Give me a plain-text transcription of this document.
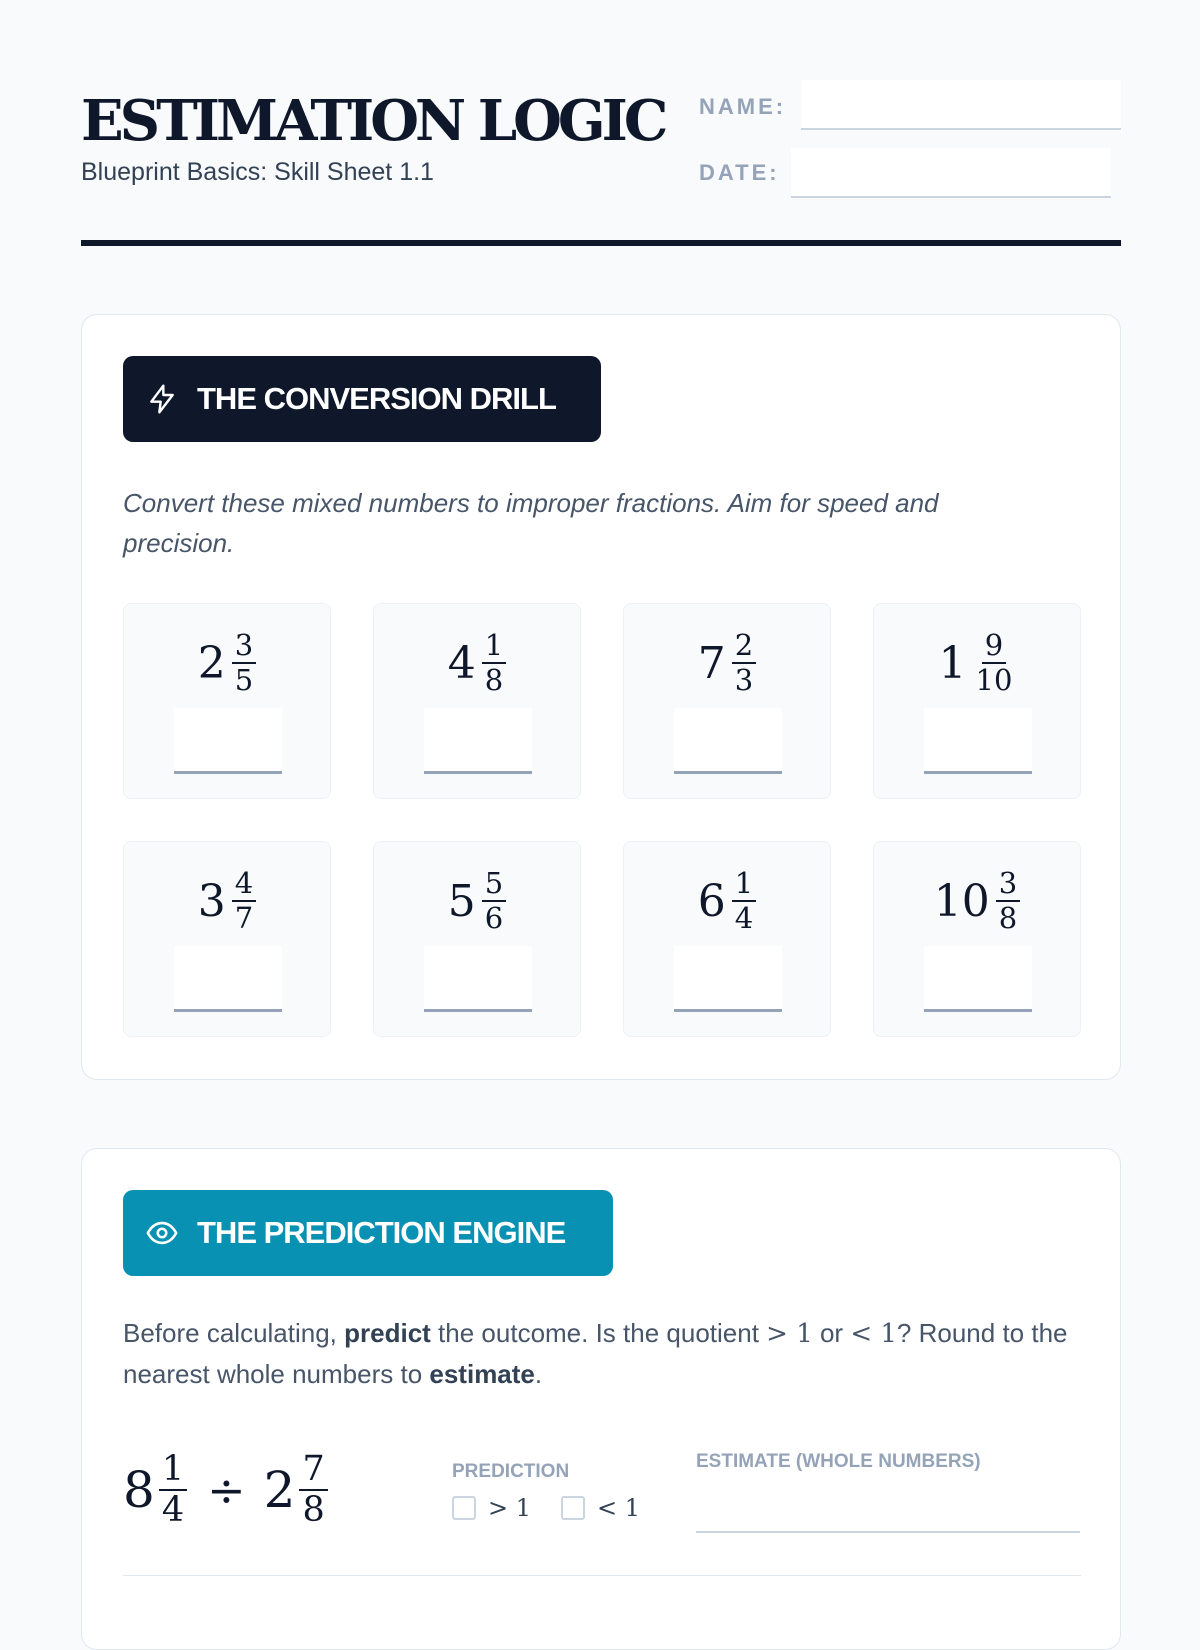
ESTIMATION LOGIC
Blueprint Basics: Skill Sheet 1.1
NAME:
DATE:
THE CONVERSION DRILL

Convert these mixed numbers to improper fractions. Aim for speed and precision.

$2 \frac{3}{5}$	$4 \frac{1}{8}$	$7 \frac{2}{3}$	$1 \frac{9}{10}$
$3 \frac{4}{7}$	$5 \frac{5}{6}$	$6 \frac{1}{4}$	$10 \frac{3}{8}$
THE PREDICTION ENGINE

Before calculating, predict the outcome. Is the quotient > 1 or < 1? Round to the nearest whole numbers to estimate.

$8 \frac{1}{4} \div 2 \frac{7}{8}$	PREDICTION
> 1	< 1
ESTIMATE (WHOLE NUMBERS)
